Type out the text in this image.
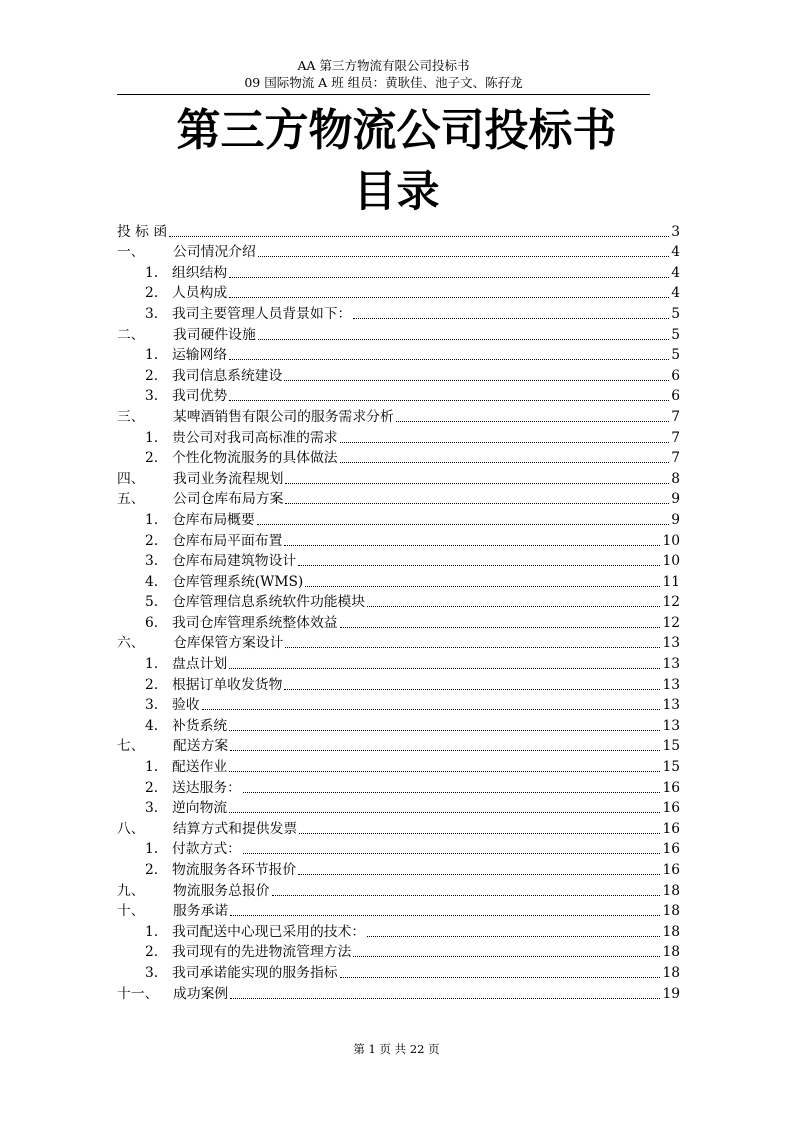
AA 第三方物流有限公司投标书
09 国际物流 A 班 组员：黄耿佳、池子文、陈孖龙
第三方物流公司投标书
目录
投 标 函	3
一、	公司情况介绍	4
1.	组织结构	4
2.	人员构成	4
3.	我司主要管理人员背景如下：	5
二、	我司硬件设施	5
1.	运输网络	5
2.	我司信息系统建设	6
3.	我司优势	6
三、	某啤酒销售有限公司的服务需求分析	7
1.	贵公司对我司高标准的需求	7
2.	个性化物流服务的具体做法	7
四、	我司业务流程规划	8
五、	公司仓库布局方案	9
1.	仓库布局概要	9
2.	仓库布局平面布置	10
3.	仓库布局建筑物设计	10
4.	仓库管理系统(WMS)	11
5.	仓库管理信息系统软件功能模块	12
6.	我司仓库管理系统整体效益	12
六、	仓库保管方案设计	13
1.	盘点计划	13
2.	根据订单收发货物	13
3.	验收	13
4.	补货系统	13
七、	配送方案	15
1.	配送作业	15
2.	送达服务：	16
3.	逆向物流	16
八、	结算方式和提供发票	16
1.	付款方式：	16
2.	物流服务各环节报价	16
九、	物流服务总报价	18
十、	服务承诺	18
1.	我司配送中心现已采用的技术：	18
2.	我司现有的先进物流管理方法	18
3.	我司承诺能实现的服务指标	18
十一、	成功案例	19
第 1 页 共 22 页
